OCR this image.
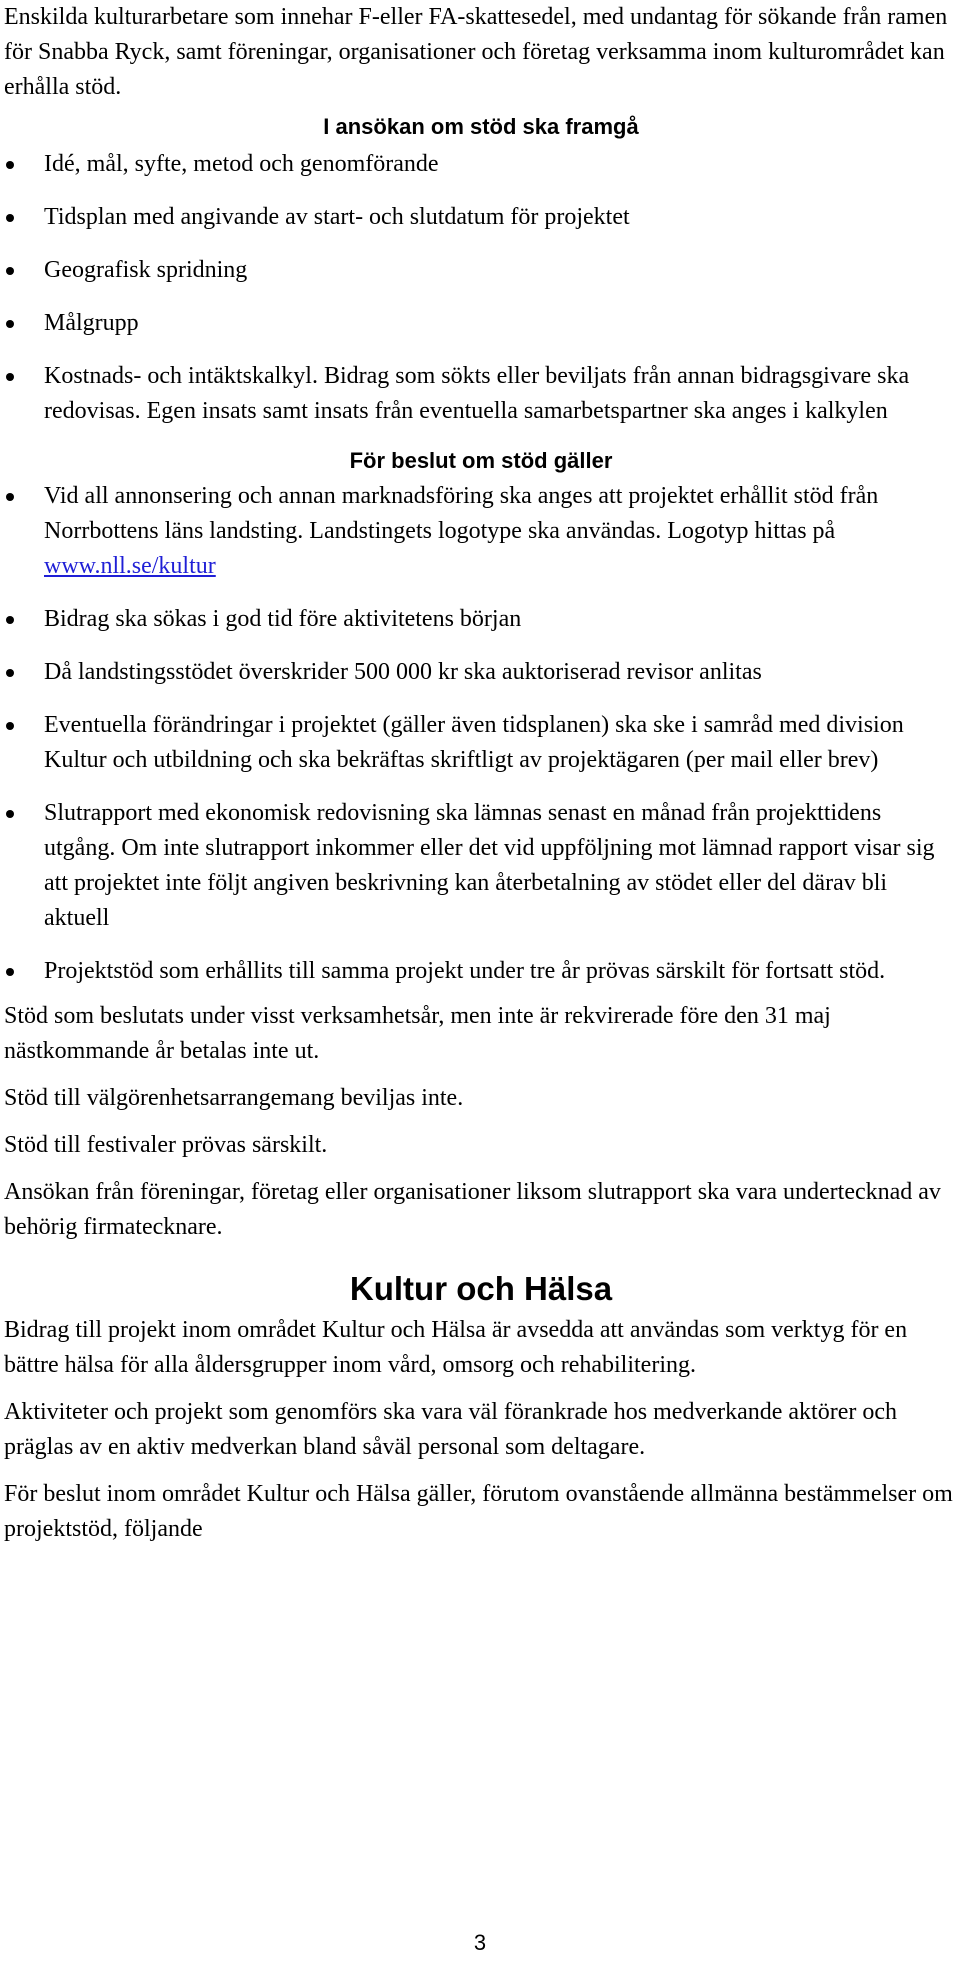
Enskilda kulturarbetare som innehar F-eller FA-skattesedel, med undantag för sökande från ramen för Snabba Ryck, samt föreningar, organisationer och företag verksamma inom kulturområdet kan erhålla stöd.

I ansökan om stöd ska framgå
Idé, mål, syfte, metod och genomförande
Tidsplan med angivande av start- och slutdatum för projektet
Geografisk spridning
Målgrupp
Kostnads- och intäktskalkyl. Bidrag som sökts eller beviljats från annan bidragsgivare ska redovisas. Egen insats samt insats från eventuella samarbetspartner ska anges i kalkylen
För beslut om stöd gäller
Vid all annonsering och annan marknadsföring ska anges att projektet erhållit stöd från Norrbottens läns landsting. Landstingets logotype ska användas. Logotyp hittas på www.nll.se/kultur
Bidrag ska sökas i god tid före aktivitetens början
Då landstingsstödet överskrider 500 000 kr ska auktoriserad revisor anlitas
Eventuella förändringar i projektet (gäller även tidsplanen) ska ske i samråd med division Kultur och utbildning och ska bekräftas skriftligt av projektägaren (per mail eller brev)
Slutrapport med ekonomisk redovisning ska lämnas senast en månad från projekttidens utgång. Om inte slutrapport inkommer eller det vid uppföljning mot lämnad rapport visar sig att projektet inte följt angiven beskrivning kan återbetalning av stödet eller del därav bli aktuell
Projektstöd som erhållits till samma projekt under tre år prövas särskilt för fortsatt stöd.

Stöd som beslutats under visst verksamhetsår, men inte är rekvirerade före den 31 maj nästkommande år betalas inte ut.

Stöd till välgörenhetsarrangemang beviljas inte.

Stöd till festivaler prövas särskilt.

Ansökan från föreningar, företag eller organisationer liksom slutrapport ska vara undertecknad av behörig firmatecknare.

Kultur och Hälsa

Bidrag till projekt inom området Kultur och Hälsa är avsedda att användas som verktyg för en bättre hälsa för alla åldersgrupper inom vård, omsorg och rehabilitering.

Aktiviteter och projekt som genomförs ska vara väl förankrade hos medverkande aktörer och präglas av en aktiv medverkan bland såväl personal som deltagare.

För beslut inom området Kultur och Hälsa gäller, förutom ovanstående allmänna bestämmelser om projektstöd, följande

3
